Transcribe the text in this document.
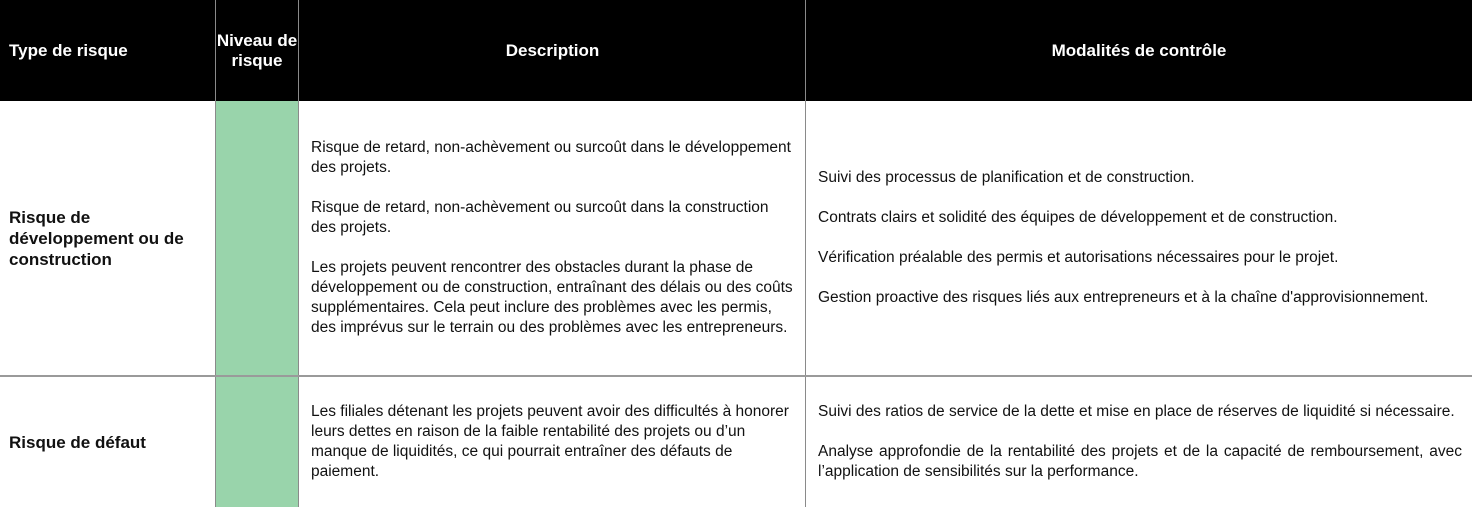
Type de risque
Niveau de risque
Description	Modalités de contrôle

Risque de développement ou de construction

Risque de retard, non-achèvement ou surcoût dans le développement des projets.

Risque de retard, non-achèvement ou surcoût dans la construction des projets.

Les projets peuvent rencontrer des obstacles durant la phase de développement ou de construction, entraînant des délais ou des coûts supplémentaires. Cela peut inclure des problèmes avec les permis, des imprévus sur le terrain ou des problèmes avec les entrepreneurs.

Suivi des processus de planification et de construction.

Contrats clairs et solidité des équipes de développement et de construction.

Vérification préalable des permis et autorisations nécessaires pour le projet.

Gestion proactive des risques liés aux entrepreneurs et à la chaîne d'approvisionnement.

Risque de défaut

Les filiales détenant les projets peuvent avoir des difficultés à honorer leurs dettes en raison de la faible rentabilité des projets ou d’un manque de liquidités, ce qui pourrait entraîner des défauts de paiement.

Suivi des ratios de service de la dette et mise en place de réserves de liquidité si nécessaire.

Analyse approfondie de la rentabilité des projets et de la capacité de remboursement, avec l’application de sensibilités sur la performance.
